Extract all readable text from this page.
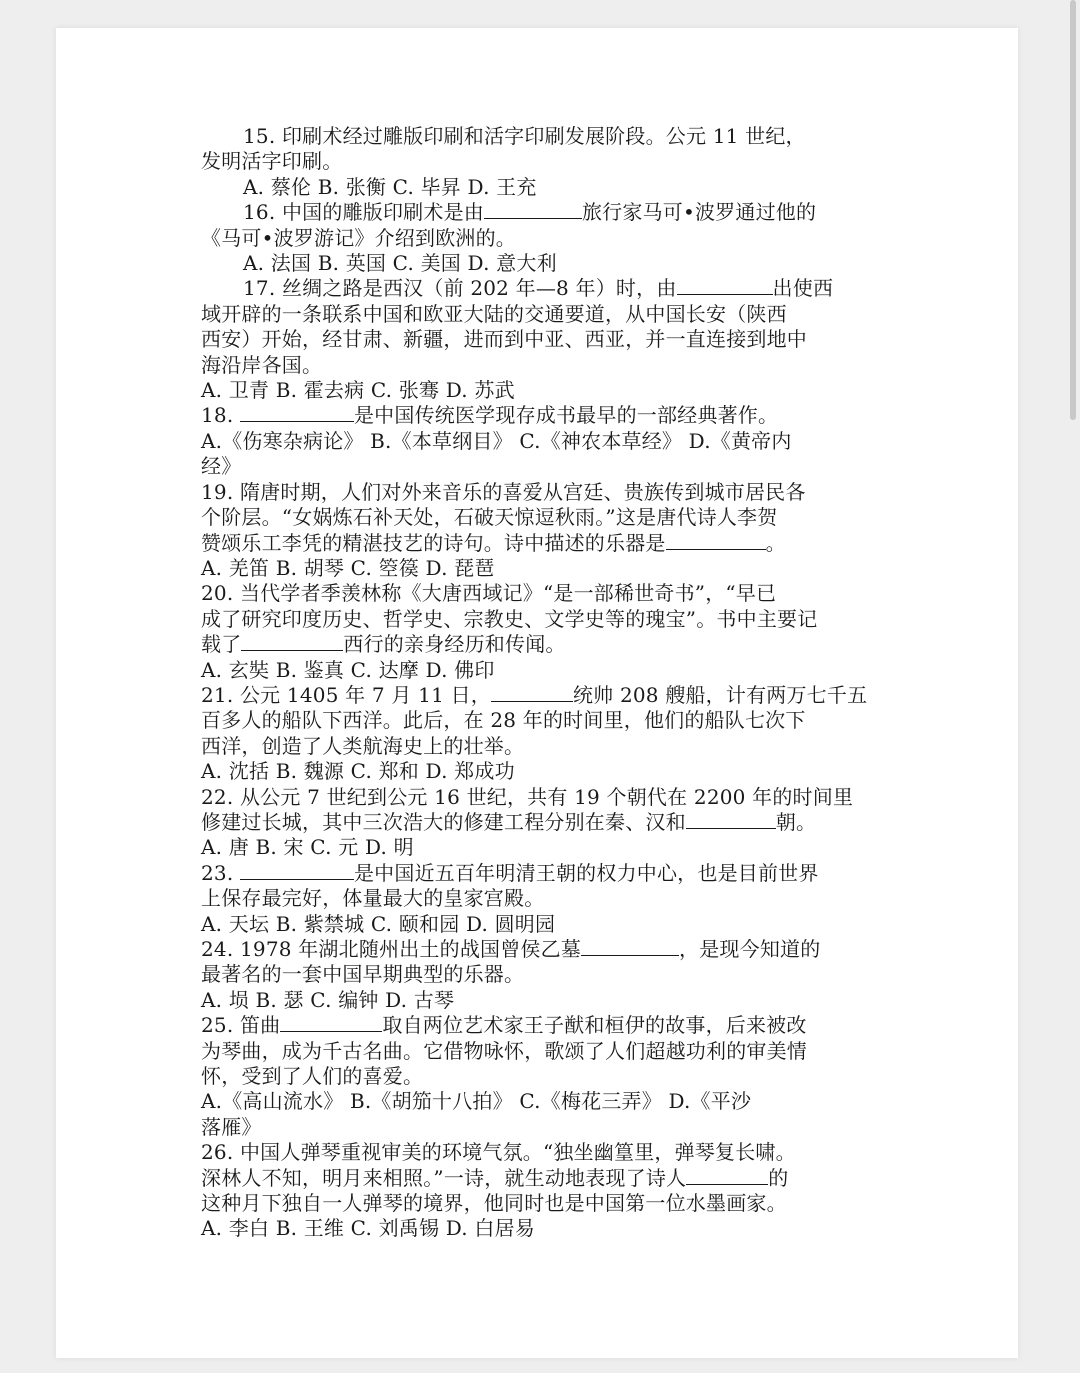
15. 印刷术经过雕版印刷和活字印刷发展阶段。公元 11 世纪，
发明活字印刷。
A. 蔡伦 B. 张衡 C. 毕昇 D. 王充
16. 中国的雕版印刷术是由	旅行家马可•波罗通过他的
《马可•波罗游记》介绍到欧洲的。
A. 法国 B. 英国 C. 美国 D. 意大利
17. 丝绸之路是西汉（前 202 年—8 年）时，由	出使西
域开辟的一条联系中国和欧亚大陆的交通要道，从中国长安（陕西
西安）开始，经甘肃、新疆，进而到中亚、西亚，并一直连接到地中
海沿岸各国。
A. 卫青 B. 霍去病 C. 张骞 D. 苏武
18.	是中国传统医学现存成书最早的一部经典著作。
A.《伤寒杂病论》 B.《本草纲目》 C.《神农本草经》 D.《黄帝内
经》
19. 隋唐时期，人们对外来音乐的喜爱从宫廷、贵族传到城市居民各
个阶层。“女娲炼石补天处，石破天惊逗秋雨。”这是唐代诗人李贺
赞颂乐工李凭的精湛技艺的诗句。诗中描述的乐器是	。
A. 羌笛 B. 胡琴 C. 箜篌 D. 琵琶
20. 当代学者季羡林称《大唐西域记》“是一部稀世奇书”，“早已
成了研究印度历史、哲学史、宗教史、文学史等的瑰宝”。书中主要记
载了	西行的亲身经历和传闻。
A. 玄奘 B. 鉴真 C. 达摩 D. 佛印
21. 公元 1405 年 7 月 11 日，	统帅 208 艘船，计有两万七千五
百多人的船队下西洋。此后，在 28 年的时间里，他们的船队七次下
西洋，创造了人类航海史上的壮举。
A. 沈括 B. 魏源 C. 郑和 D. 郑成功
22. 从公元 7 世纪到公元 16 世纪，共有 19 个朝代在 2200 年的时间里
修建过长城，其中三次浩大的修建工程分别在秦、汉和	朝。
A. 唐 B. 宋 C. 元 D. 明
23.	是中国近五百年明清王朝的权力中心，也是目前世界
上保存最完好，体量最大的皇家宫殿。
A. 天坛 B. 紫禁城 C. 颐和园 D. 圆明园
24. 1978 年湖北随州出土的战国曾侯乙墓	，是现今知道的
最著名的一套中国早期典型的乐器。
A. 埙 B. 瑟 C. 编钟 D. 古琴
25. 笛曲	取自两位艺术家王子猷和桓伊的故事，后来被改
为琴曲，成为千古名曲。它借物咏怀，歌颂了人们超越功利的审美情
怀，受到了人们的喜爱。
A.《高山流水》 B.《胡笳十八拍》 C.《梅花三弄》 D.《平沙
落雁》
26. 中国人弹琴重视审美的环境气氛。“独坐幽篁里，弹琴复长啸。
深林人不知，明月来相照。”一诗，就生动地表现了诗人	的
这种月下独自一人弹琴的境界，他同时也是中国第一位水墨画家。
A. 李白 B. 王维 C. 刘禹锡 D. 白居易
